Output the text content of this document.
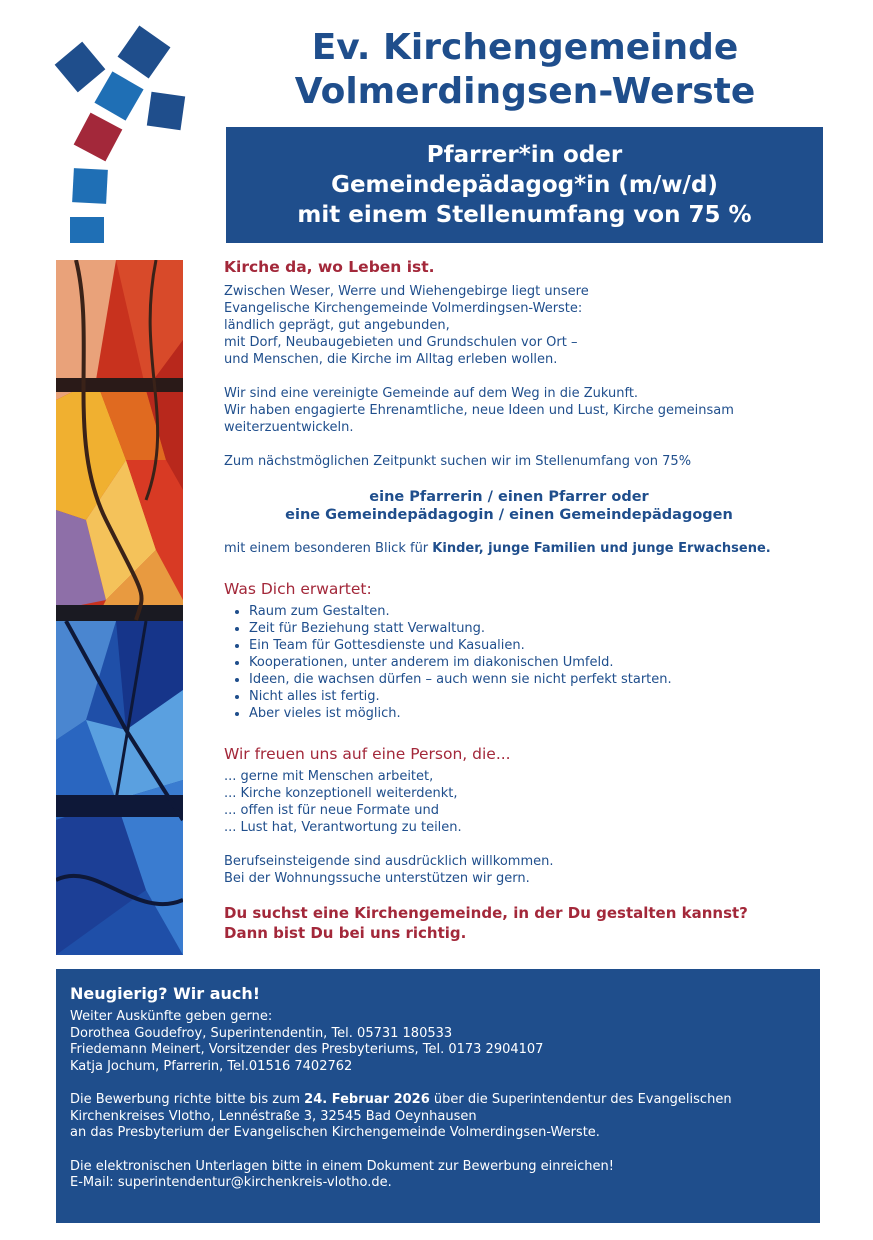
Ev. Kirchengemeinde
Volmerdingsen-Werste
Pfarrer*in oder
Gemeindepädagog*in (m/w/d)
mit einem Stellenumfang von 75 %
Kirche da, wo Leben ist.
Zwischen Weser, Werre und Wiehengebirge liegt unsere
Evangelische Kirchengemeinde Volmerdingsen-Werste:
ländlich geprägt, gut angebunden,
mit Dorf, Neubaugebieten und Grundschulen vor Ort –
und Menschen, die Kirche im Alltag erleben wollen.
Wir sind eine vereinigte Gemeinde auf dem Weg in die Zukunft.
Wir haben engagierte Ehrenamtliche, neue Ideen und Lust, Kirche gemeinsam
weiterzuentwickeln.
Zum nächstmöglichen Zeitpunkt suchen wir im Stellenumfang von 75%
eine Pfarrerin / einen Pfarrer oder
eine Gemeindepädagogin / einen Gemeindepädagogen
mit einem besonderen Blick für Kinder, junge Familien und junge Erwachsene.
Was Dich erwartet:
• Raum zum Gestalten.
• Zeit für Beziehung statt Verwaltung.
• Ein Team für Gottesdienste und Kasualien.
• Kooperationen, unter anderem im diakonischen Umfeld.
• Ideen, die wachsen dürfen – auch wenn sie nicht perfekt starten.
• Nicht alles ist fertig.
• Aber vieles ist möglich.
Wir freuen uns auf eine Person, die...
... gerne mit Menschen arbeitet,
... Kirche konzeptionell weiterdenkt,
... offen ist für neue Formate und
... Lust hat, Verantwortung zu teilen.
Berufseinsteigende sind ausdrücklich willkommen.
Bei der Wohnungssuche unterstützen wir gern.
Du suchst eine Kirchengemeinde, in der Du gestalten kannst?
Dann bist Du bei uns richtig.
Neugierig? Wir auch!
Weiter Auskünfte geben gerne:
Dorothea Goudefroy, Superintendentin, Tel. 05731 180533
Friedemann Meinert, Vorsitzender des Presbyteriums, Tel. 0173 2904107
Katja Jochum, Pfarrerin, Tel.01516 7402762
Die Bewerbung richte bitte bis zum 24. Februar 2026 über die Superintendentur des Evangelischen
Kirchenkreises Vlotho, Lennéstraße 3, 32545 Bad Oeynhausen
an das Presbyterium der Evangelischen Kirchengemeinde Volmerdingsen-Werste.
Die elektronischen Unterlagen bitte in einem Dokument zur Bewerbung einreichen!
E-Mail: superintendentur@kirchenkreis-vlotho.de.
